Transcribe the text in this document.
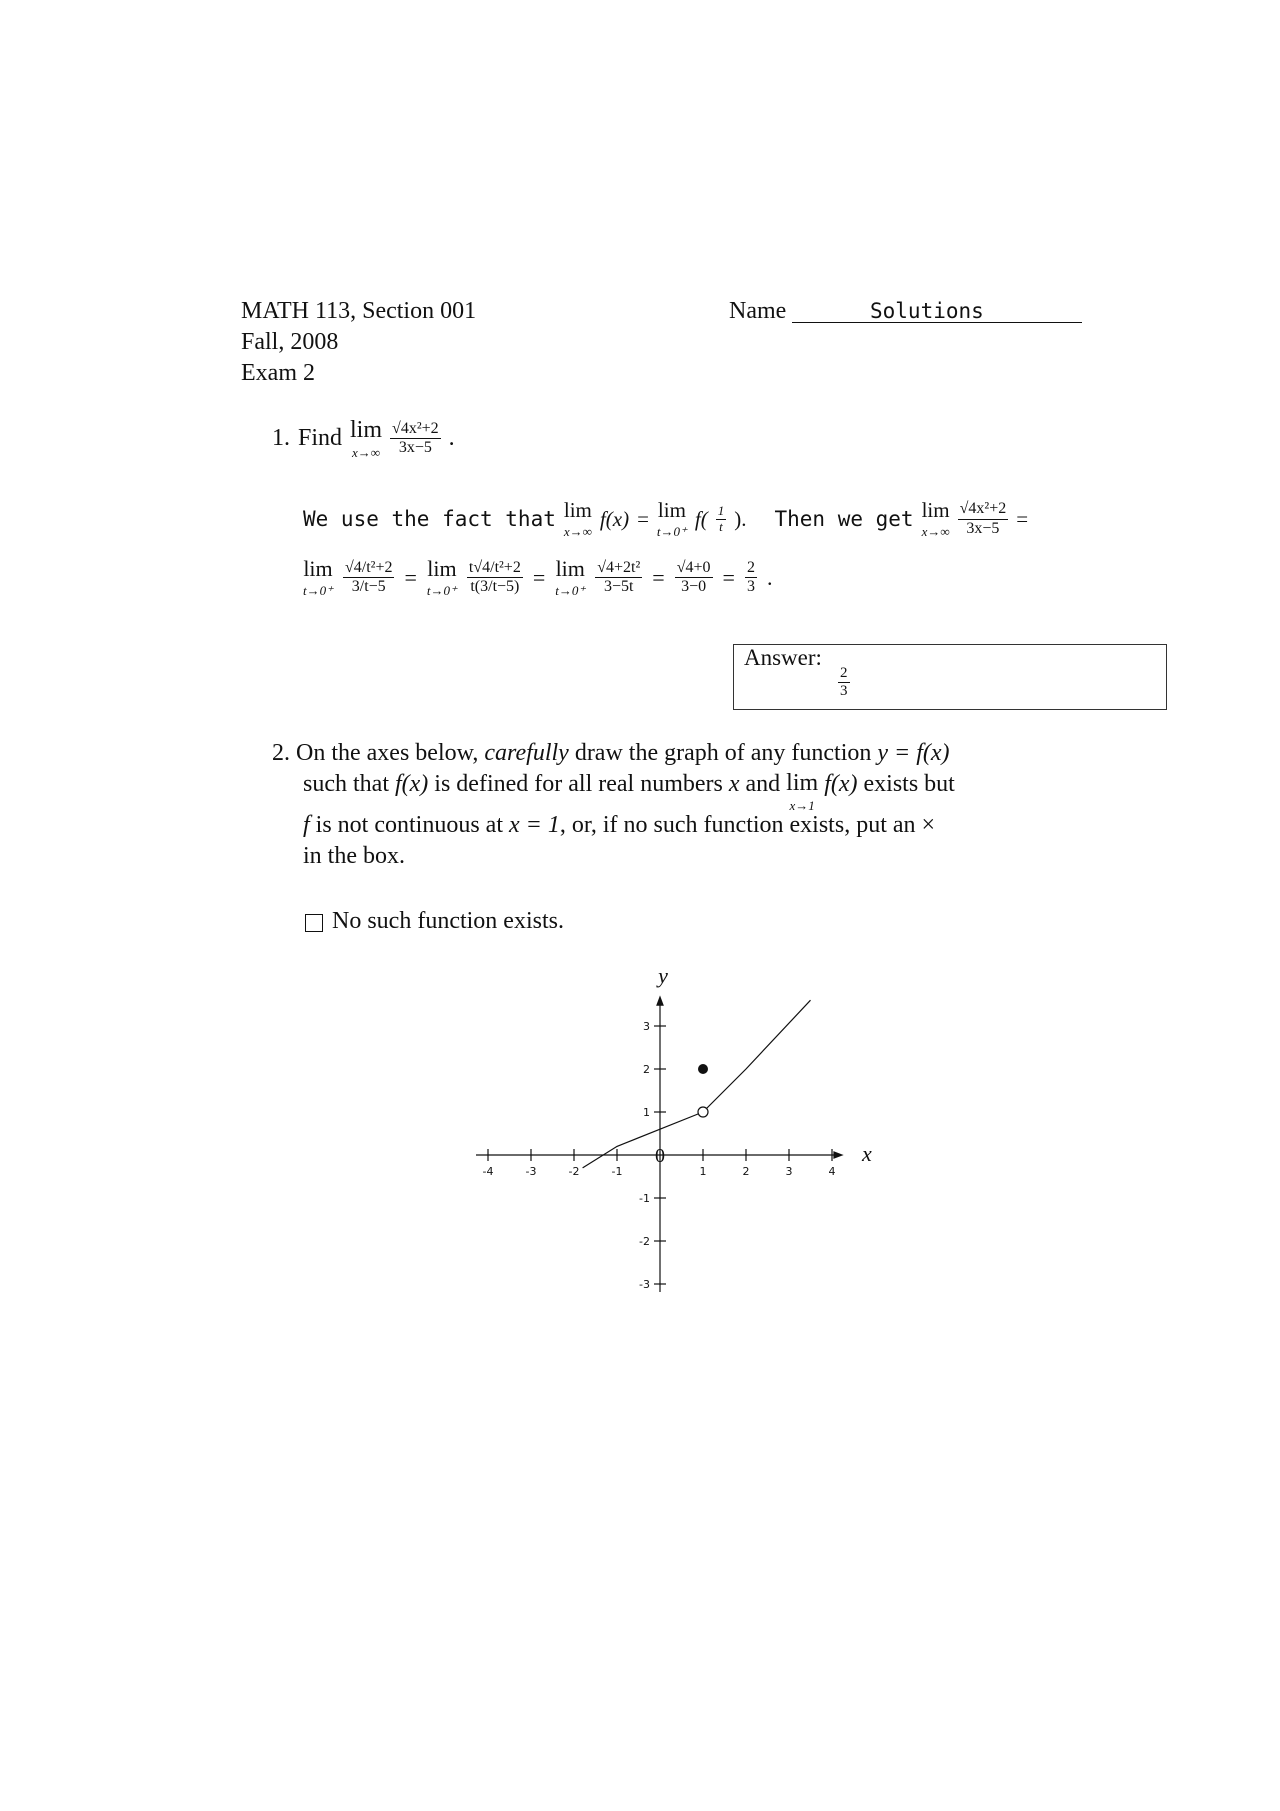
MATH 113, Section 001
Fall, 2008
Exam 2
Name	Solutions
1. Find lim
$x\to\infty \frac{\text{√4x²+2}}{3x-5}$ .
We use the fact that lim
x→∞
f(x) = lim
t→0⁺
$f( \frac{1}{t}$ ). Then we get lim
$x\to\infty \frac{\text{√4x²+2}}{3x-5}$ =
lim
$t\to 0^+ \frac{\text{√4/t²+2}}{3/t-5} = \lim$
$t\to 0^+ \frac{\text{t√4/t²+2}}{t(3/t-5)} = \lim$
$t\to 0^+ \frac{\text{√4+2t²}}{3-5t} = \frac{√4+0}{3-0} = \frac{2}{3}$ .
Answer:
$\frac{2}{3}$
2. On the axes below, carefully draw the graph of any function y = f(x)
such that f(x) is defined for all real numbers x and lim
x→1
f(x) exists but
f is not continuous at x = 1, or, if no such function exists, put an ×
in the box.
No such function exists.
-4	-3	-2	-1	1	2	3	4
3
2
1
-1
-2
-3
0	x
y
